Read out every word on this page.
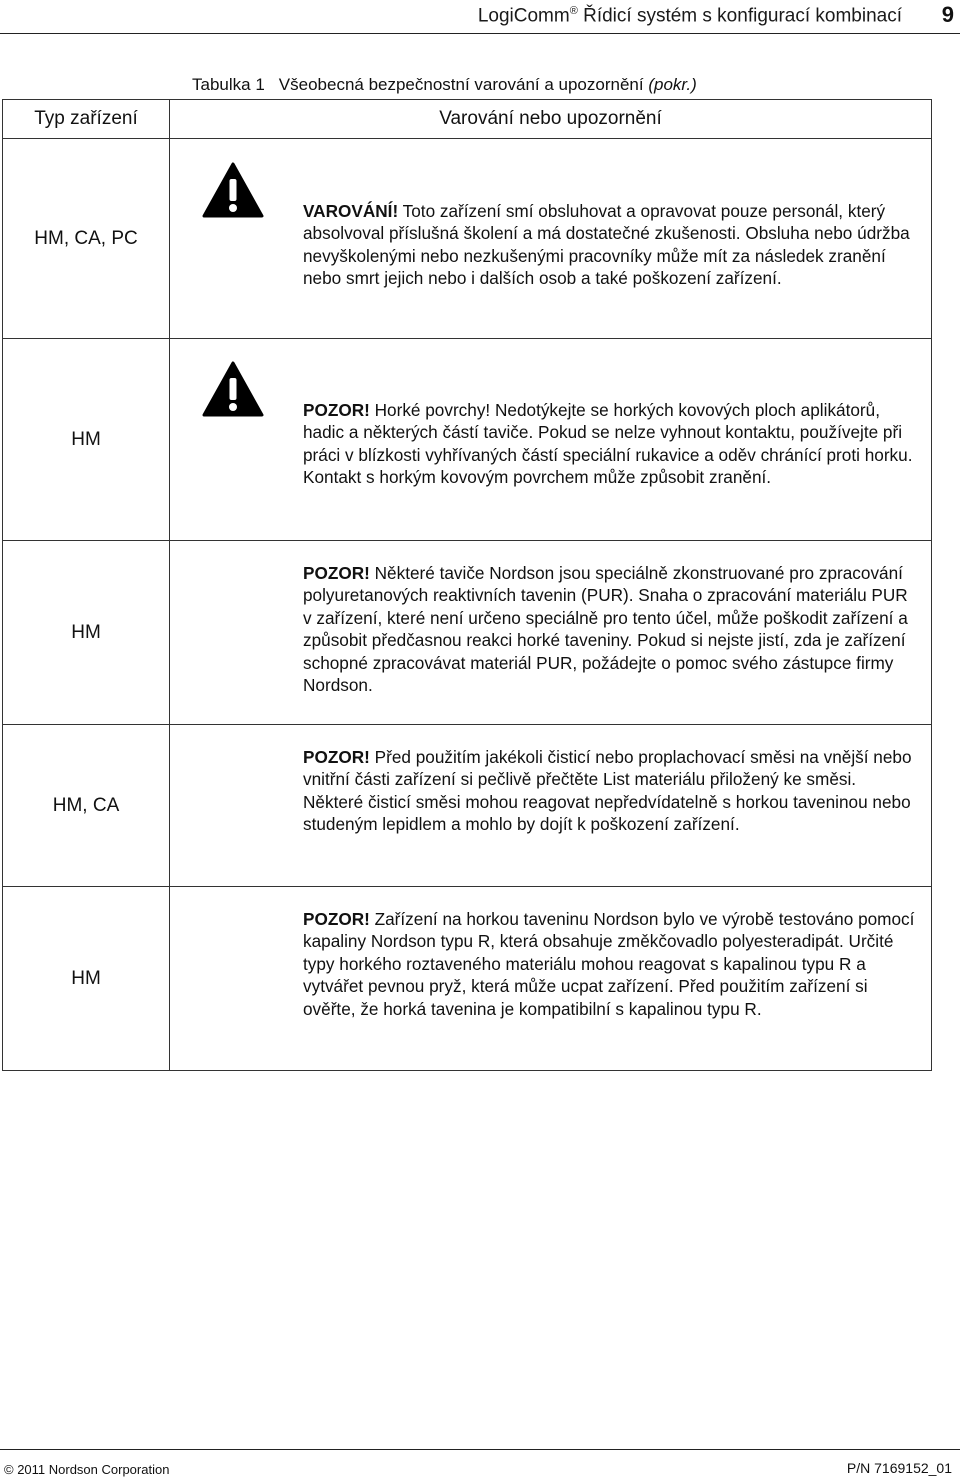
LogiComm® Řídicí systém s konfigurací kombinací 9
Tabulka 1 Všeobecná bezpečnostní varování a upozornění (pokr.)
Typ zařízení	Varování nebo upozornění
HM, CA, PC	VAROVÁNÍ! Toto zařízení smí obsluhovat a opravovat pouze personál, který absolvoval příslušná školení a má dostatečné zkušenosti. Obsluha nebo údržba nevyškolenými nebo nezkušenými pracovníky může mít za následek zranění nebo smrt jejich nebo i dalších osob a také poškození zařízení.

HM	POZOR! Horké povrchy! Nedotýkejte se horkých kovových ploch aplikátorů, hadic a některých částí taviče. Pokud se nelze vyhnout kontaktu, používejte při práci v blízkosti vyhřívaných částí speciální rukavice a oděv chránící proti horku. Kontakt s horkým kovovým povrchem může způsobit zranění.

HM	POZOR! Některé taviče Nordson jsou speciálně zkonstruované pro zpracování polyuretanových reaktivních tavenin (PUR). Snaha o zpracování materiálu PUR v zařízení, které není určeno speciálně pro tento účel, může poškodit zařízení a způsobit předčasnou reakci horké taveniny. Pokud si nejste jistí, zda je zařízení schopné zpracovávat materiál PUR, požádejte o pomoc svého zástupce firmy Nordson.

HM, CA	POZOR! Před použitím jakékoli čisticí nebo proplachovací směsi na vnější nebo vnitřní části zařízení si pečlivě přečtěte List materiálu přiložený ke směsi. Některé čisticí směsi mohou reagovat nepředvídatelně s horkou taveninou nebo studeným lepidlem a mohlo by dojít k poškození zařízení.

HM	POZOR! Zařízení na horkou taveninu Nordson bylo ve výrobě testováno pomocí kapaliny Nordson typu R, která obsahuje změkčovadlo polyesteradipát. Určité typy horkého roztaveného materiálu mohou reagovat s kapalinou typu R a vytvářet pevnou pryž, která může ucpat zařízení. Před použitím zařízení si ověřte, že horká tavenina je kompatibilní s kapalinou typu R.
© 2011 Nordson Corporation	P/N 7169152_01
